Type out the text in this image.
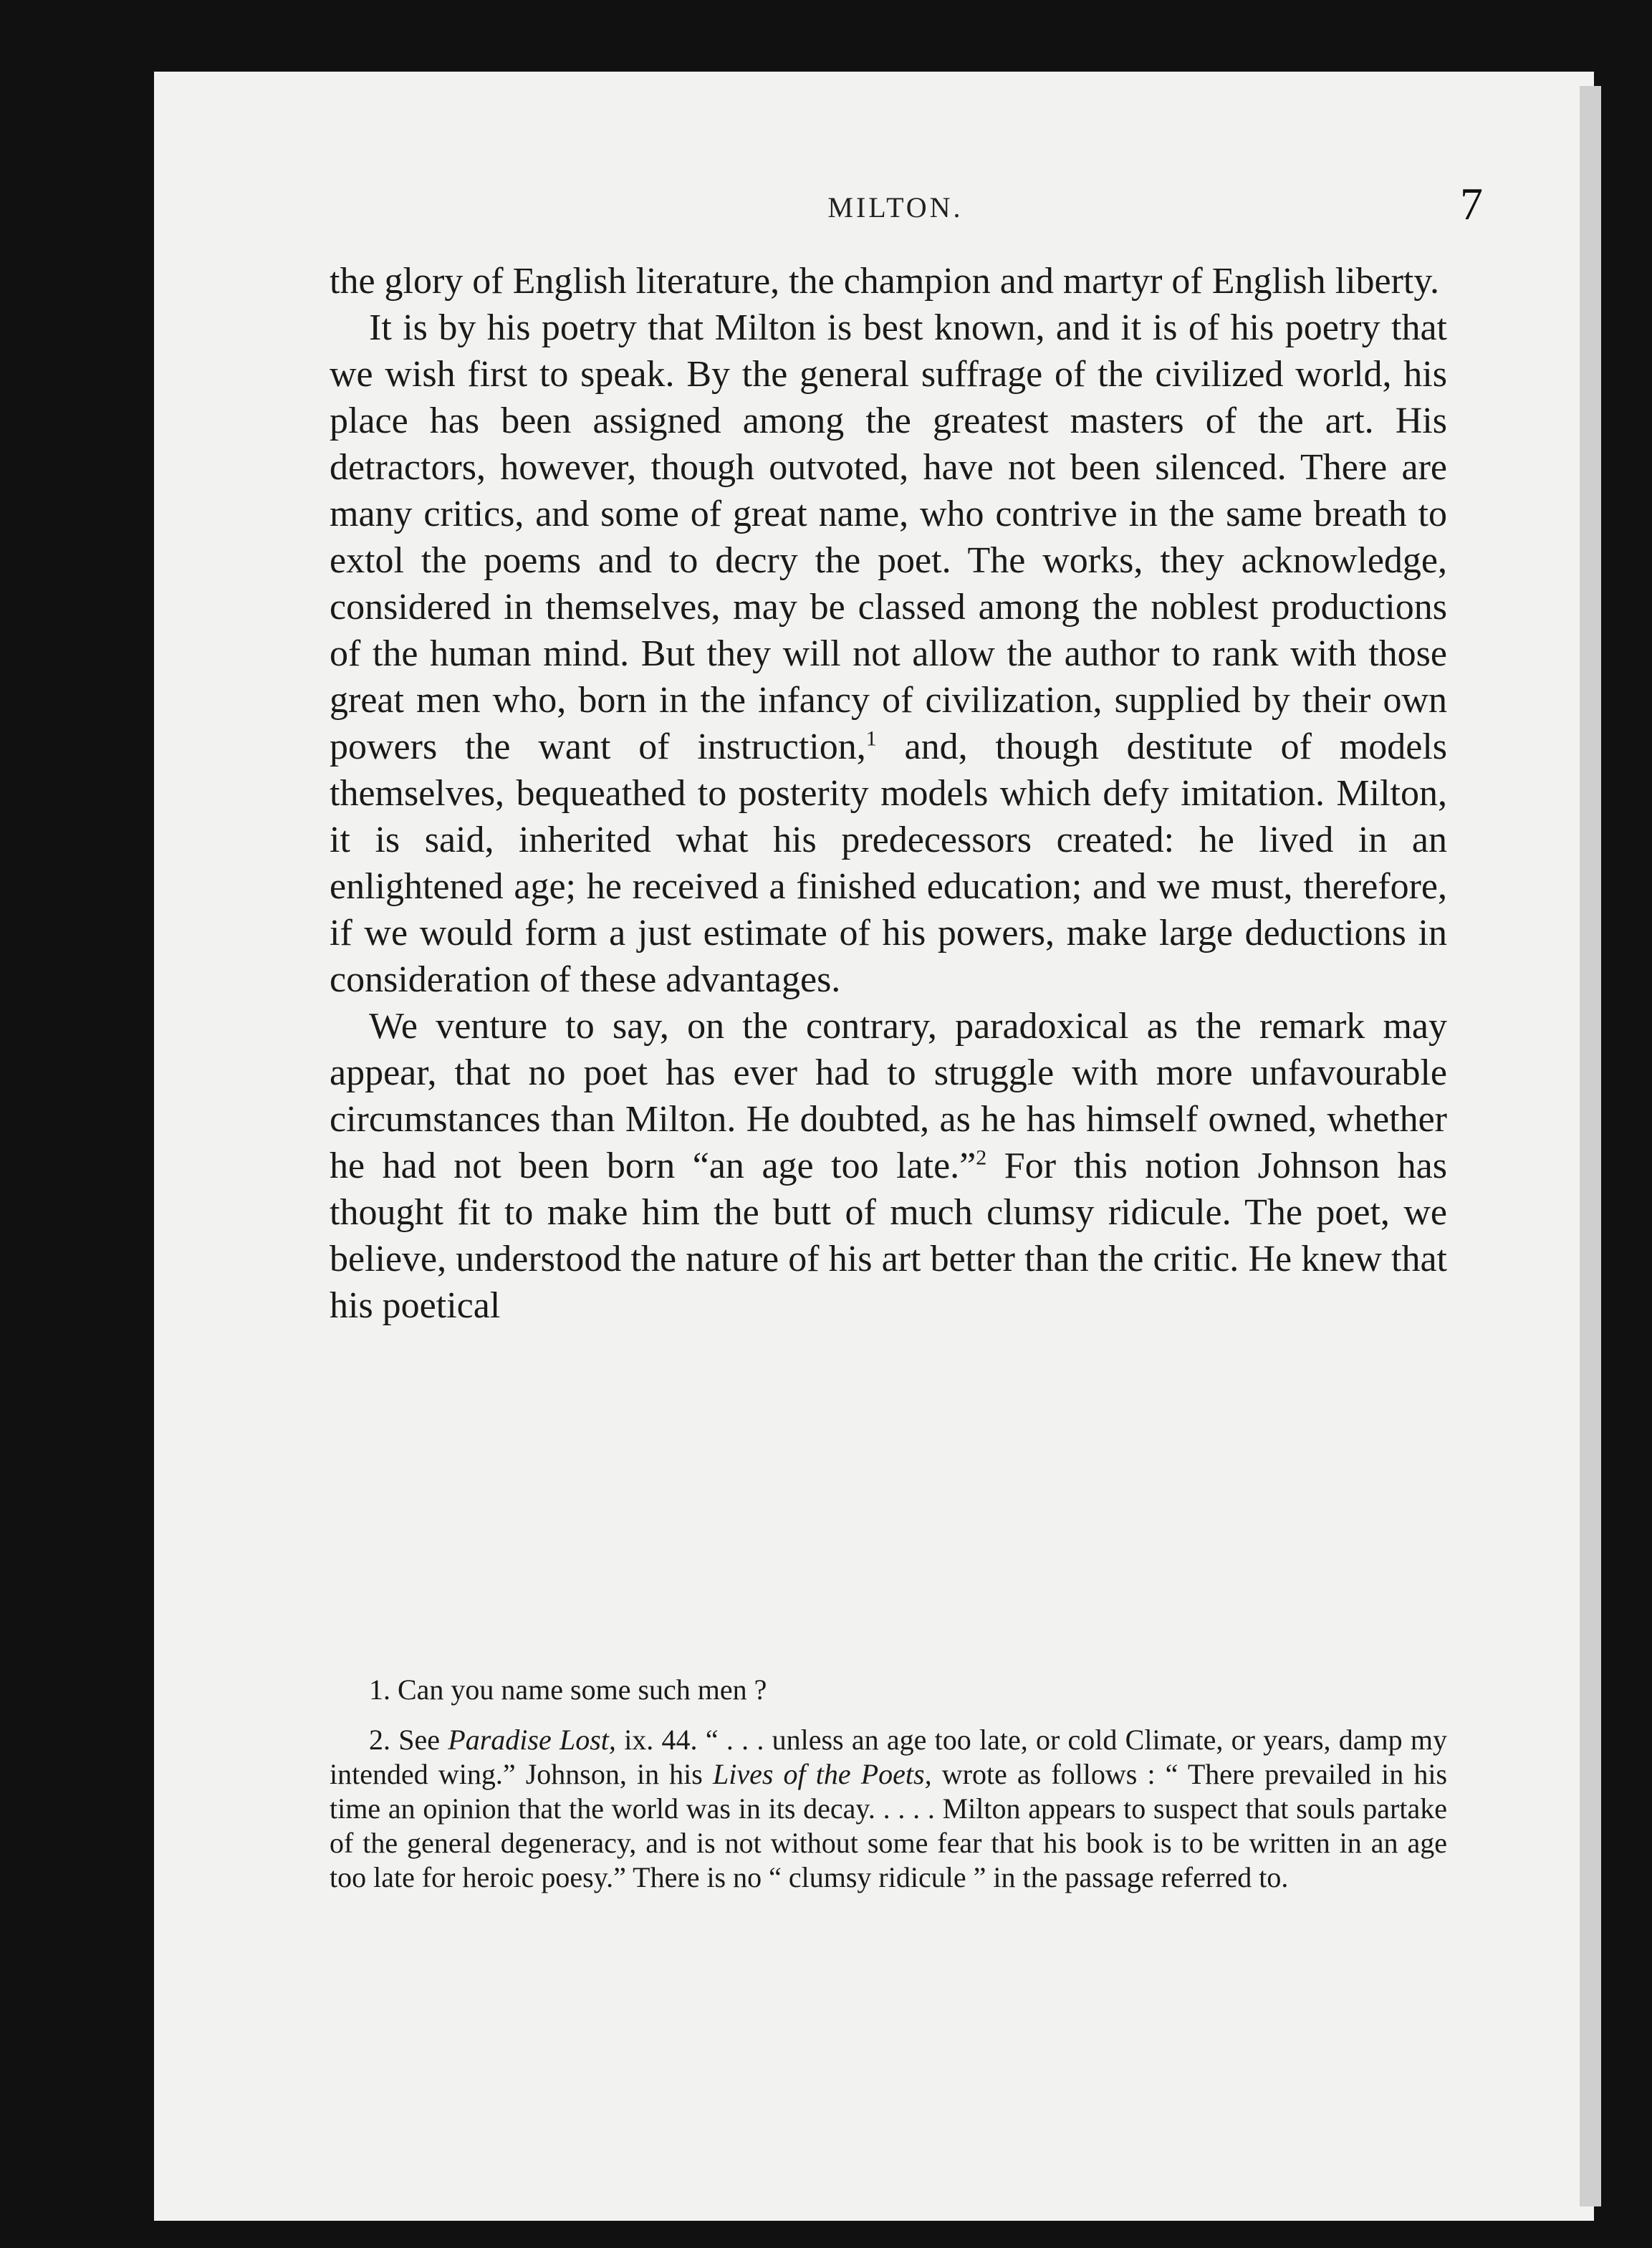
MILTON.	7

the glory of English literature, the champion and martyr of English liberty.

It is by his poetry that Milton is best known, and it is of his poetry that we wish first to speak. By the general suffrage of the civilized world, his place has been assigned among the greatest masters of the art. His detractors, however, though outvoted, have not been silenced. There are many critics, and some of great name, who contrive in the same breath to extol the poems and to decry the poet. The works, they acknowledge, considered in themselves, may be classed among the noblest productions of the human mind. But they will not allow the author to rank with those great men who, born in the infancy of civilization, supplied by their own powers the want of instruction,$^1$ and, though destitute of models themselves, bequeathed to posterity models which defy imitation. Milton, it is said, inherited what his predecessors created: he lived in an enlightened age; he received a finished education; and we must, therefore, if we would form a just estimate of his powers, make large deductions in consideration of these advantages.

We venture to say, on the contrary, paradoxical as the remark may appear, that no poet has ever had to struggle with more unfavourable circumstances than Milton. He doubted, as he has himself owned, whether he had not been born “an age too late.”$^2$ For this notion Johnson has thought fit to make him the butt of much clumsy ridicule. The poet, we believe, understood the nature of his art better than the critic. He knew that his poetical

1. Can you name some such men ?

2. See Paradise Lost, ix. 44. “ . . . unless an age too late, or cold Climate, or years, damp my intended wing.” Johnson, in his Lives of the Poets, wrote as follows : “ There prevailed in his time an opinion that the world was in its decay. . . . . Milton appears to suspect that souls partake of the general degeneracy, and is not without some fear that his book is to be written in an age too late for heroic poesy.” There is no “ clumsy ridicule ” in the passage referred to.
